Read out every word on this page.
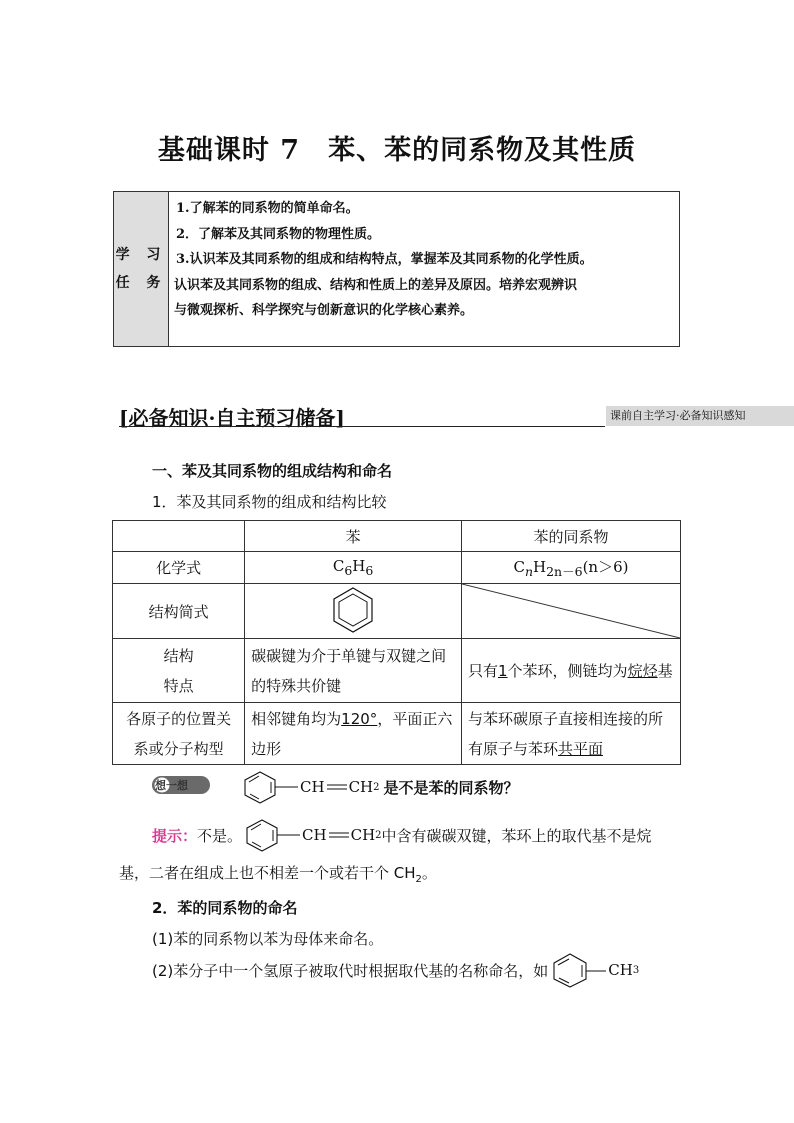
基础课时 7　苯、苯的同系物及其性质
学 习
任 务
1.了解苯的同系物的简单命名。
2．了解苯及其同系物的物理性质。
3.认识苯及其同系物的组成和结构特点，掌握苯及其同系物的化学性质。
认识苯及其同系物的组成、结构和性质上的差异及原因。培养宏观辨识
与微观探析、科学探究与创新意识的化学核心素养。
[必备知识·自主预习储备]	课前自主学习·必备知识感知
一、苯及其同系物的组成结构和命名
1．苯及其同系物的组成和结构比较
	苯	苯的同系物
化学式	$C_6H_6$	$C_nH_{2n-6}(n>6)$
结构简式		

结构
特点	碳碳键为介于单键与双键之间的特殊共价键	只有1个苯环，侧链均为烷烃基
各原子的位置关系或分子构型	相邻键角均为120°，平面正六边形	与苯环碳原子直接相连接的所有原子与苯环共平面
想一想	CH CH 2 是不是苯的同系物？
提示： 不是。	CH CH 2 中含有碳碳双键，苯环上的取代基不是烷
基，二者在组成上也不相差一个或若干个 $CH_2$。
2．苯的同系物的命名
(1)苯的同系物以苯为母体来命名。
(2)苯分子中一个氢原子被取代时根据取代基的名称命名，如	CH 3
